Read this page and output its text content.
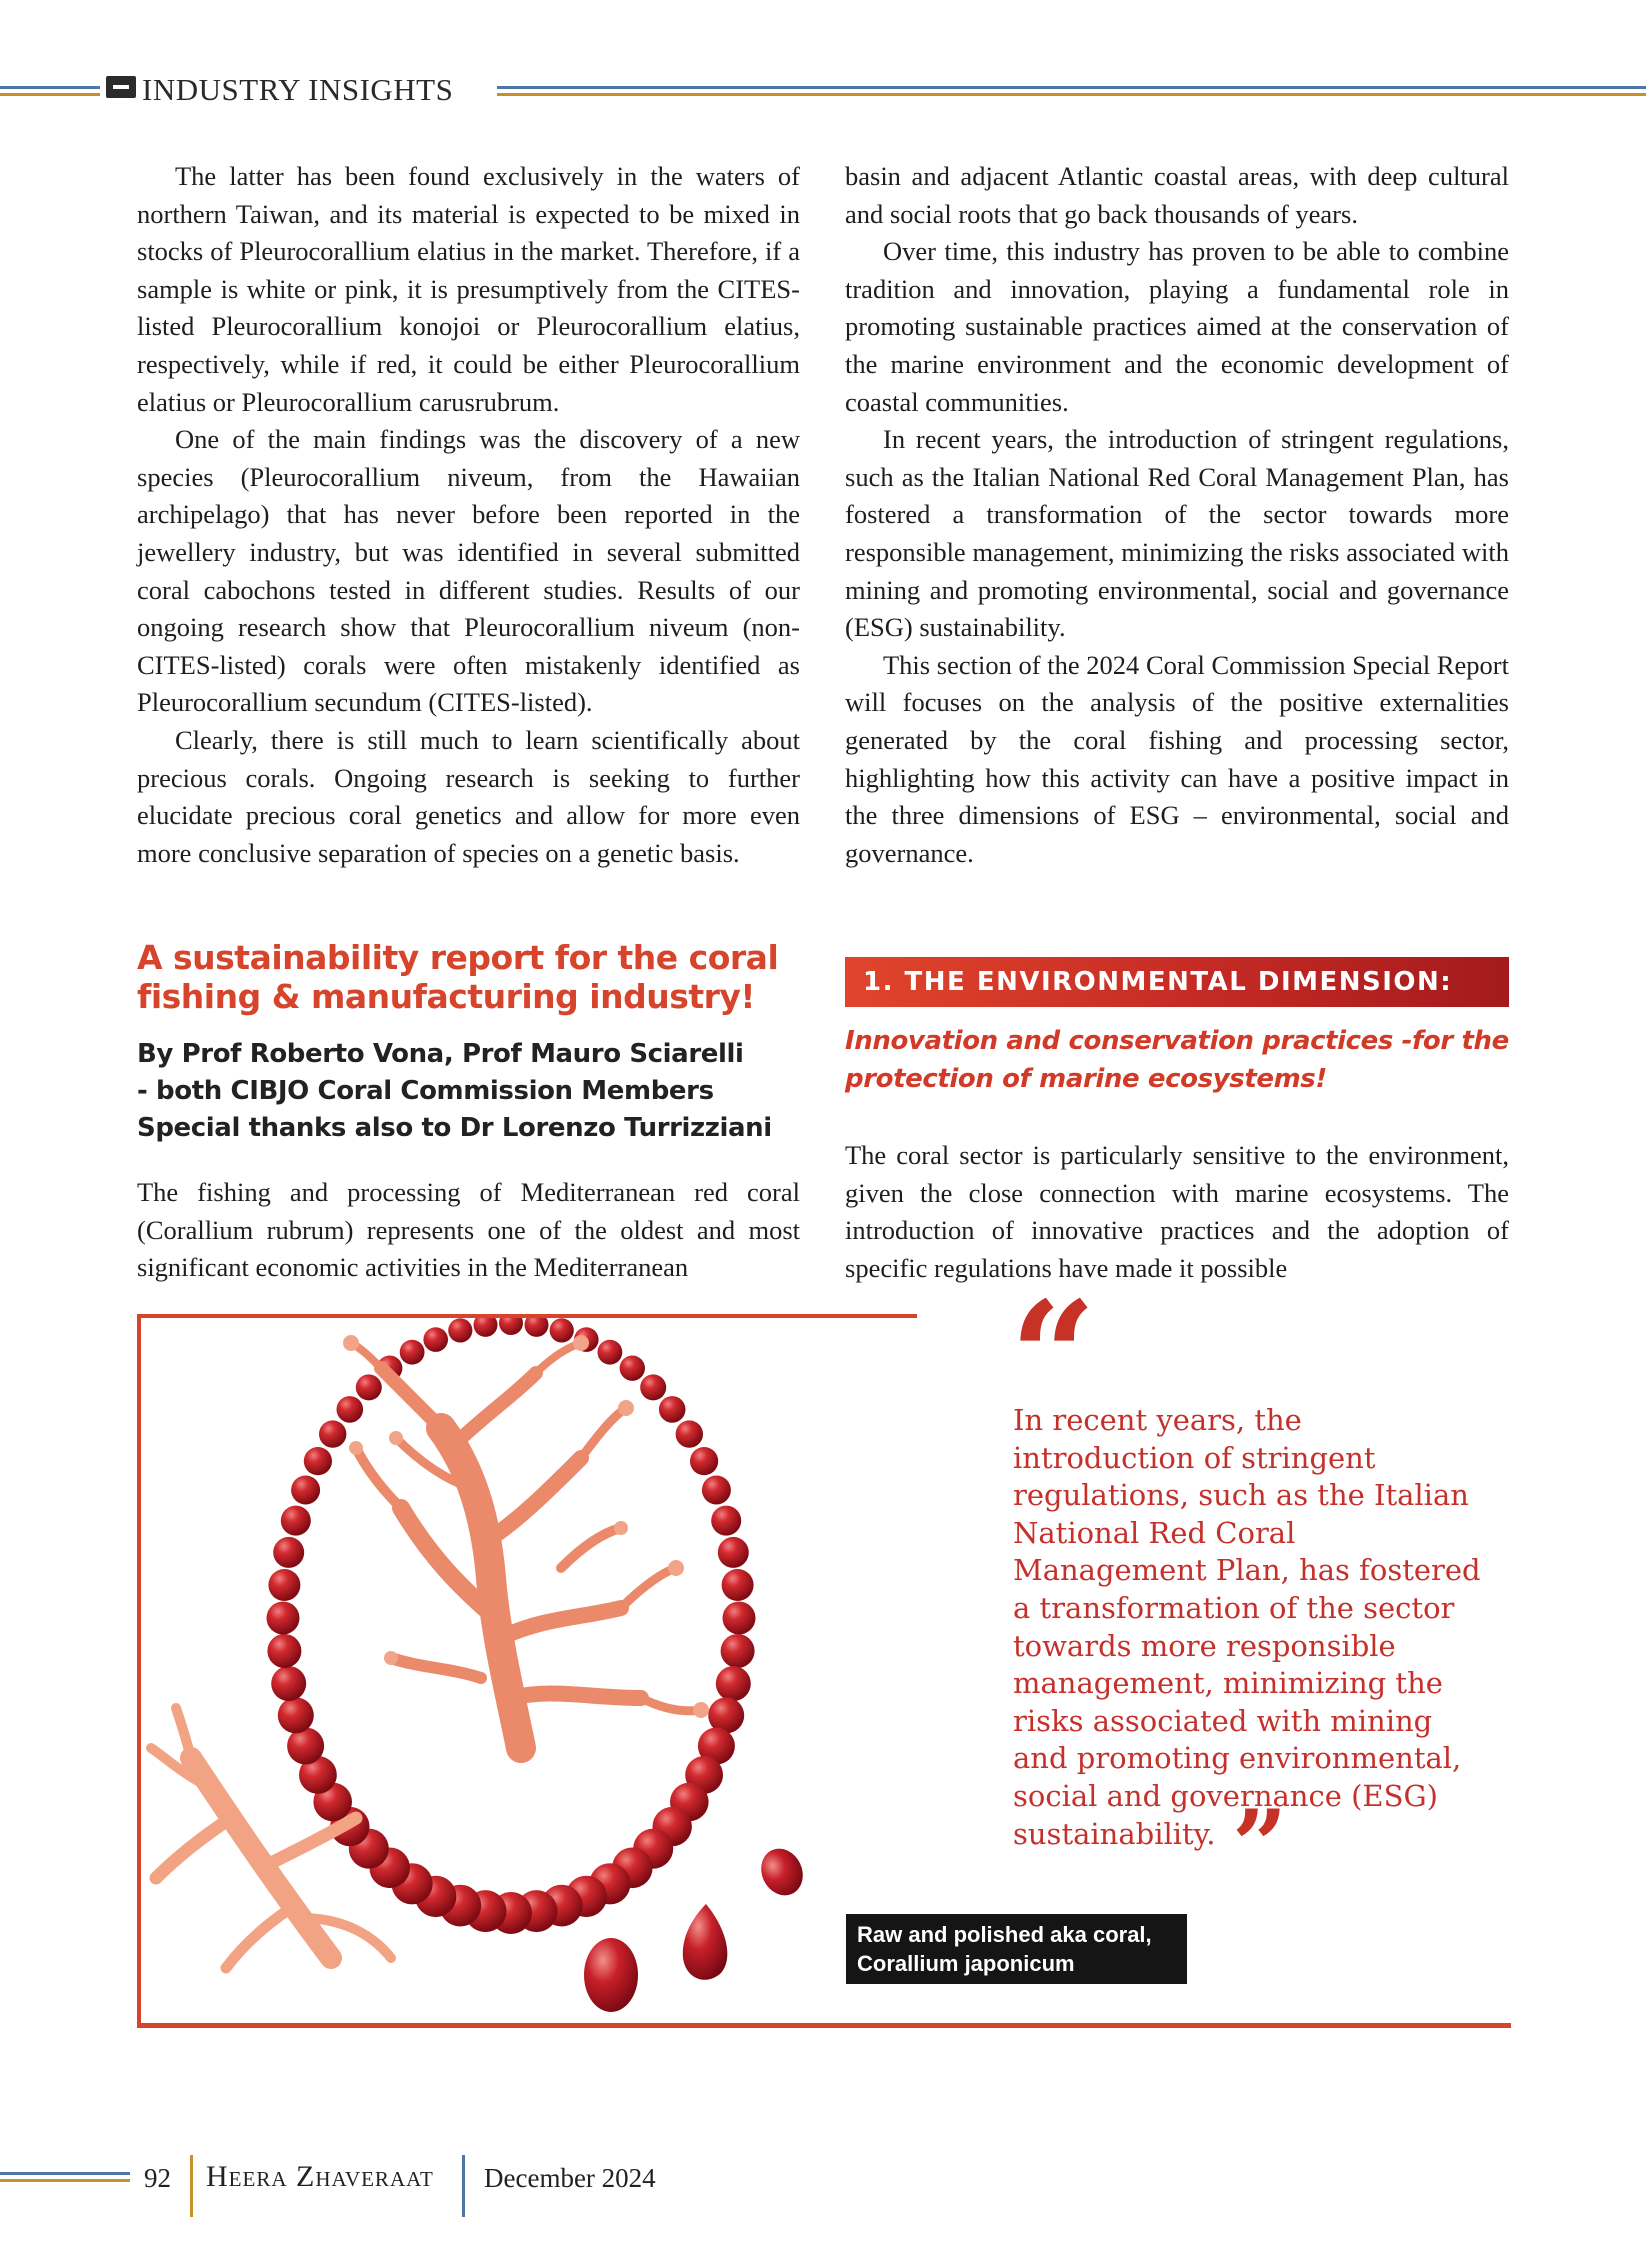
INDUSTRY INSIGHTS

The latter has been found exclusively in the waters of northern Taiwan, and its material is expected to be mixed in stocks of Pleurocorallium elatius in the market. Therefore, if a sample is white or pink, it is presumptively from the CITES-listed Pleurocorallium konojoi or Pleurocorallium elatius, respectively, while if red, it could be either Pleurocorallium elatius or Pleurocorallium carusrubrum.

One of the main findings was the discovery of a new species (Pleurocorallium niveum, from the Hawaiian archipelago) that has never before been reported in the jewellery industry, but was identified in several submitted coral cabochons tested in different studies. Results of our ongoing research show that Pleurocorallium niveum (non-CITES-listed) corals were often mistakenly identified as Pleurocorallium secundum (CITES-listed).

Clearly, there is still much to learn scientifically about precious corals. Ongoing research is seeking to further elucidate precious coral genetics and allow for more even more conclusive separation of species on a genetic basis.

basin and adjacent Atlantic coastal areas, with deep cultural and social roots that go back thousands of years.

Over time, this industry has proven to be able to combine tradition and innovation, playing a fundamental role in promoting sustainable practices aimed at the conservation of the marine environment and the economic development of coastal communities.

In recent years, the introduction of stringent regulations, such as the Italian National Red Coral Management Plan, has fostered a transformation of the sector towards more responsible management, minimizing the risks associated with mining and promoting environmental, social and governance (ESG) sustainability.

This section of the 2024 Coral Commission Special Report will focuses on the analysis of the positive externalities generated by the coral fishing and processing sector, highlighting how this activity can have a positive impact in the three dimensions of ESG – environmental, social and governance.

A sustainability report for the coral fishing & manufacturing industry!
By Prof Roberto Vona, Prof Mauro Sciarelli
- both CIBJO Coral Commission Members
Special thanks also to Dr Lorenzo Turrizziani

The fishing and processing of Mediterranean red coral (Corallium rubrum) represents one of the oldest and most significant economic activities in the Mediterranean

1. THE ENVIRONMENTAL DIMENSION:
Innovation and conservation practices -for the protection of marine ecosystems!

The coral sector is particularly sensitive to the environment, given the close connection with marine ecosystems. The introduction of innovative practices and the adoption of specific regulations have made it possible

“
In recent years, the introduction of stringent regulations, such as the Italian National Red Coral Management Plan, has fostered a transformation of the sector towards more responsible management, minimizing the risks associated with mining and promoting environmental, social and governance (ESG) sustainability. ”
Raw and polished aka coral,
Corallium japonicum
92 Heera Zhaveraat December 2024
